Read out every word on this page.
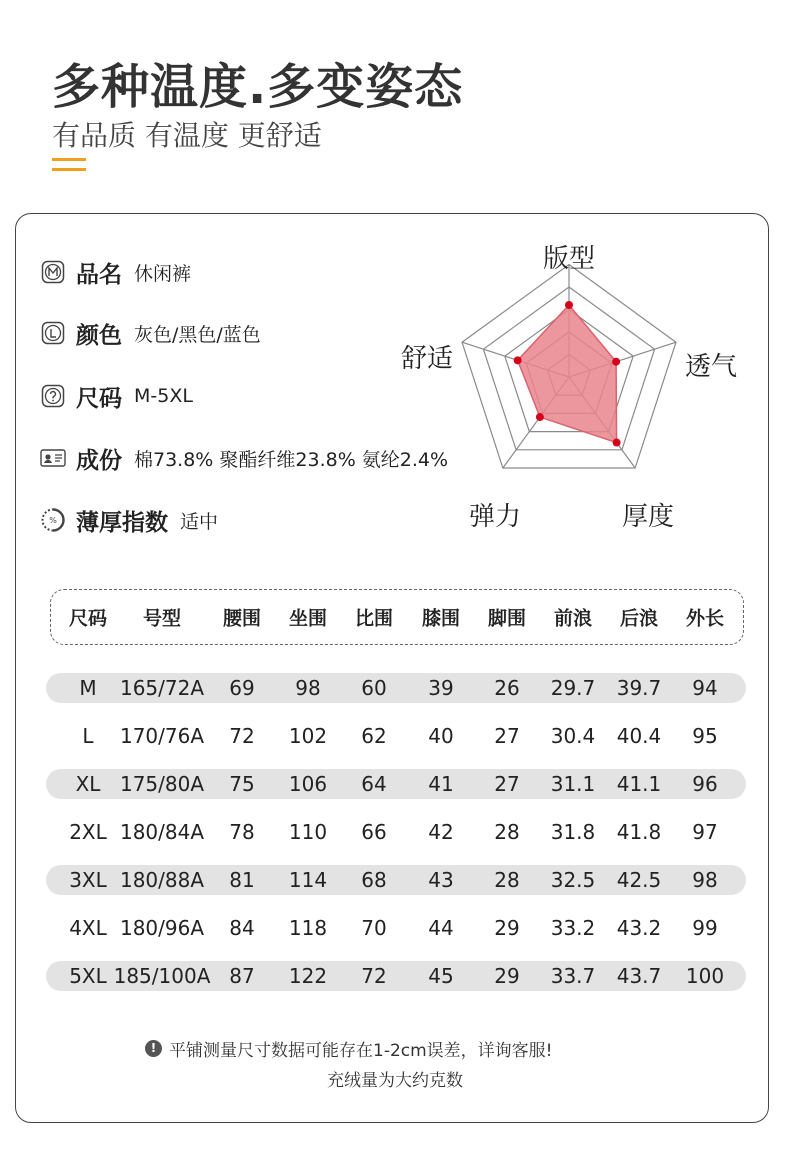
多种温度.多变姿态
有品质 有温度 更舒适
品名 休闲裤
颜色 灰色/黑色/蓝色
尺码 M-5XL
成份 棉73.8% 聚酯纤维23.8% 氨纶2.4%
% 薄厚指数 适中
版型
透气
厚度
弹力
舒适
尺码 号型 腰围 坐围 比围 膝围 脚围 前浪 后浪 外长
M 165/72A 69 98 60 39 26 29.7 39.7 94
L 170/76A 72 102 62 40 27 30.4 40.4 95
XL 175/80A 75 106 64 41 27 31.1 41.1 96
2XL 180/84A 78 110 66 42 28 31.8 41.8 97
3XL 180/88A 81 114 68 43 28 32.5 42.5 98
4XL 180/96A 84 118 70 44 29 33.2 43.2 99
5XL 185/100A 87 122 72 45 29 33.7 43.7 100
! 平铺测量尺寸数据可能存在1-2cm误差，详询客服!
充绒量为大约克数
